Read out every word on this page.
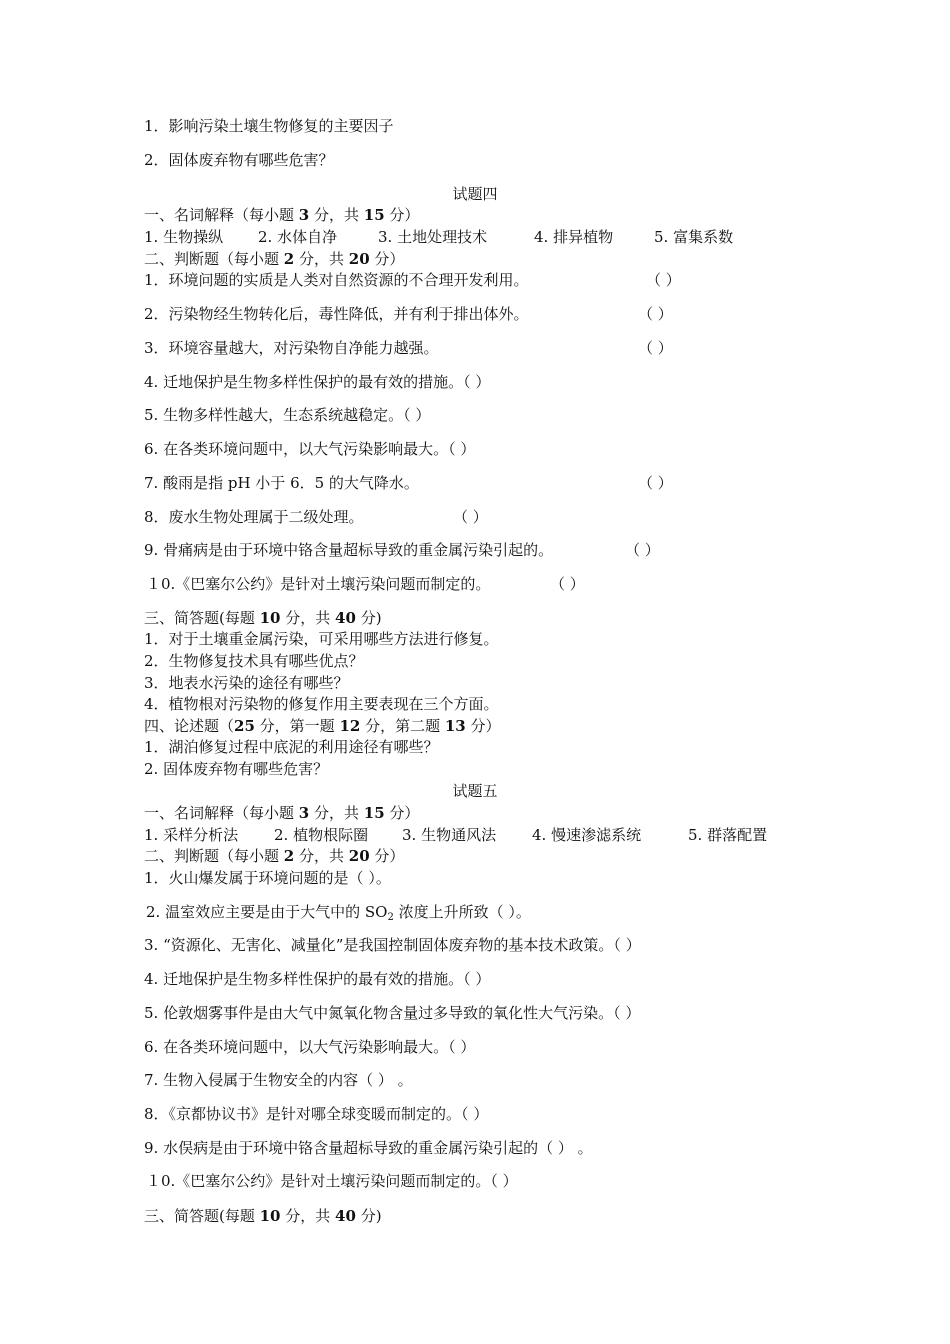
1．影响污染土壤生物修复的主要因子
2．固体废弃物有哪些危害？
试题四
一、名词解释（每小题 3 分，共 15 分）
1. 生物操纵 2. 水体自净	3. 土地处理技术	4. 排异植物	5. 富集系数
二、判断题（每小题 2 分，共 20 分）
1．环境问题的实质是人类对自然资源的不合理开发利用。	（ ）
2．污染物经生物转化后，毒性降低，并有利于排出体外。	（ ）
3．环境容量越大，对污染物自净能力越强。	（ ）
4. 迁地保护是生物多样性保护的最有效的措施。（ ）
5. 生物多样性越大，生态系统越稳定。（ ）
6. 在各类环境问题中，以大气污染影响最大。（ ）
7. 酸雨是指 pH 小于 6．5 的大气降水。	（ ）
8．废水生物处理属于二级处理。	（ ）
9. 骨痛病是由于环境中铬含量超标导致的重金属污染引起的。	（ ）
１0.《巴塞尔公约》是针对土壤污染问题而制定的。	（ ）
三、简答题(每题 10 分，共 40 分)
1．对于土壤重金属污染，可采用哪些方法进行修复。
2．生物修复技术具有哪些优点？
3．地表水污染的途径有哪些？
4．植物根对污染物的修复作用主要表现在三个方面。
四、论述题（25 分，第一题 12 分，第二题 13 分）
1．湖泊修复过程中底泥的利用途径有哪些？
2. 固体废弃物有哪些危害？
试题五
一、名词解释（每小题 3 分，共 15 分）
1. 采样分析法 2. 植物根际圈 3. 生物通风法 4. 慢速渗滤系统	5. 群落配置
二、判断题（每小题 2 分，共 20 分）
1．火山爆发属于环境问题的是（ ）。
2. 温室效应主要是由于大气中的 $SO_2$ 浓度上升所致（ ）。
3. “资源化、无害化、减量化”是我国控制固体废弃物的基本技术政策。（ ）
4. 迁地保护是生物多样性保护的最有效的措施。（ ）
5. 伦敦烟雾事件是由大气中氮氧化物含量过多导致的氧化性大气污染。（ ）
6. 在各类环境问题中，以大气污染影响最大。（ ）
7. 生物入侵属于生物安全的内容（ ） 。
8．《京都协议书》是针对哪全球变暖而制定的。（ ）
9. 水俣病是由于环境中铬含量超标导致的重金属污染引起的（ ） 。
１0.《巴塞尔公约》是针对土壤污染问题而制定的。（ ）
三、简答题(每题 10 分，共 40 分)
